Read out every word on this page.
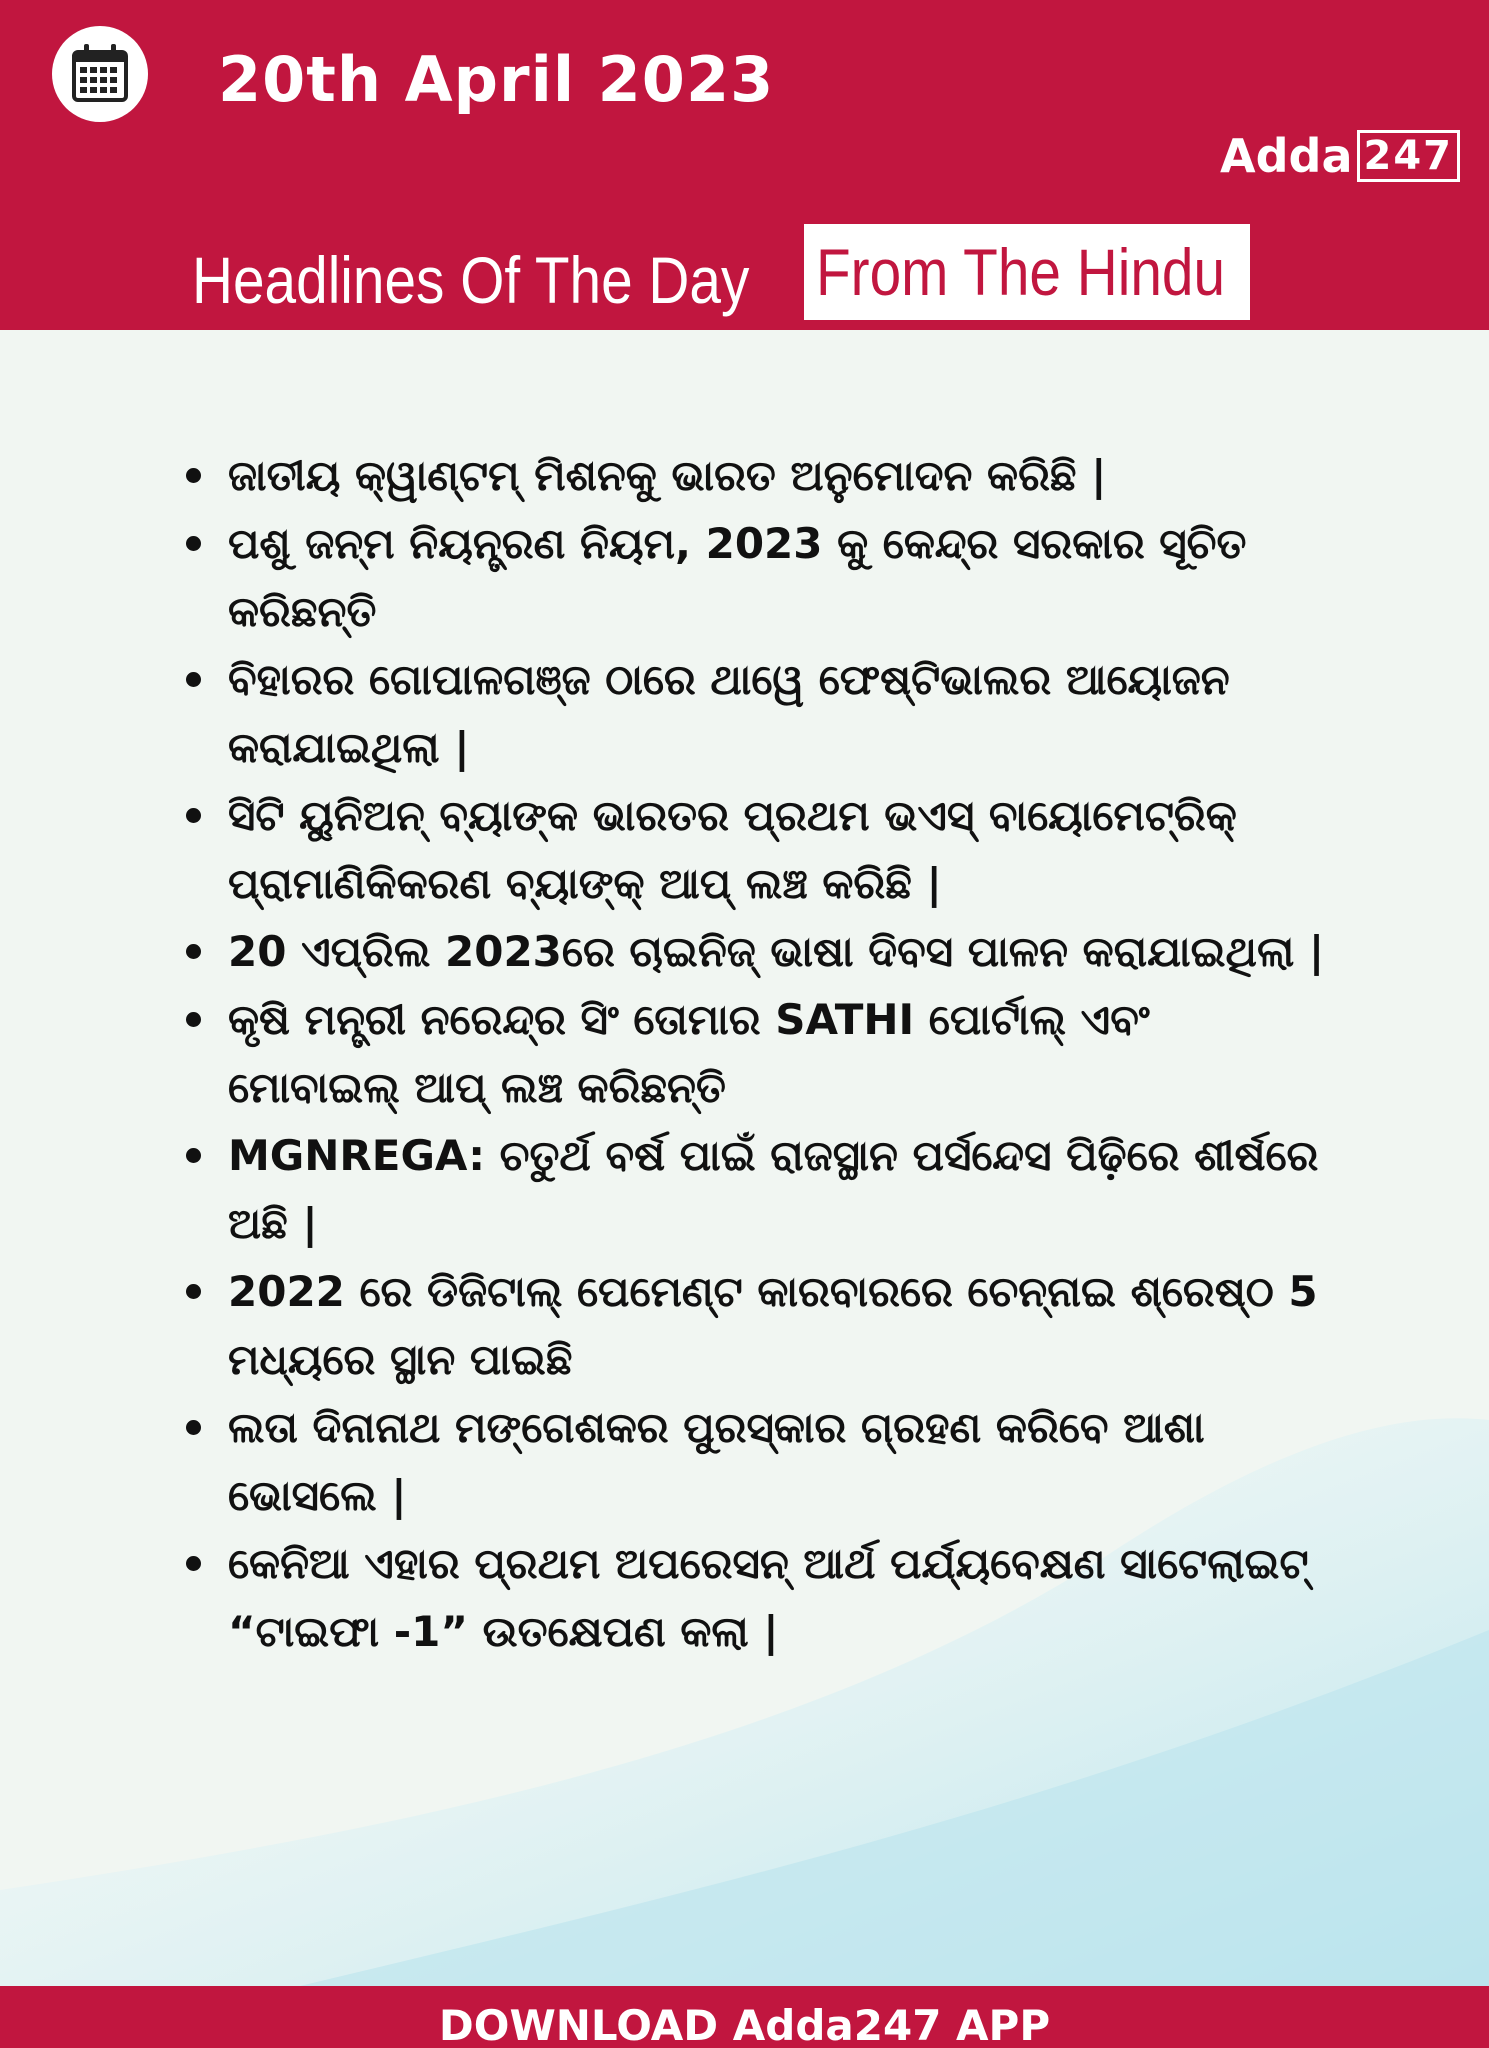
20th April 2023
Adda 247
Headlines Of The Day From The Hindu
ଜାତୀୟ କ୍ୱାଣ୍ଟମ୍ ମିଶନକୁ ଭାରତ ଅନୁମୋଦନ କରିଛି |
ପଶୁ ଜନ୍ମ ନିୟନ୍ତ୍ରଣ ନିୟମ, 2023 କୁ କେନ୍ଦ୍ର ସରକାର ସୂଚିତ କରିଛନ୍ତି
ବିହାରର ଗୋପାଳଗଞ୍ଜ ଠାରେ ଥାୱେ ଫେଷ୍ଟିଭାଲର ଆୟୋଜନ କରାଯାଇଥିଲା |
ସିଟି ୟୁନିଅନ୍ ବ୍ୟାଙ୍କ ଭାରତର ପ୍ରଥମ ଭଏସ୍ ବାୟୋମେଟ୍ରିକ୍ ପ୍ରାମାଣିକିକରଣ ବ୍ୟାଙ୍କ୍ ଆପ୍ ଲଞ୍ଚ କରିଛି |
20 ଏପ୍ରିଲ 2023ରେ ଚାଇନିଜ୍ ଭାଷା ଦିବସ ପାଳନ କରାଯାଇଥିଲା |
କୃଷି ମନ୍ତ୍ରୀ ନରେନ୍ଦ୍ର ସିଂ ତୋମାର SATHI ପୋର୍ଟାଲ୍ ଏବଂ ମୋବାଇଲ୍ ଆପ୍ ଲଞ୍ଚ କରିଛନ୍ତି
MGNREGA: ଚତୁର୍ଥ ବର୍ଷ ପାଇଁ ରାଜସ୍ଥାନ ପର୍ସନ୍ଦେସ ପିଢ଼ିରେ ଶୀର୍ଷରେ ଅଛି |
2022 ରେ ଡିଜିଟାଲ୍ ପେମେଣ୍ଟ କାରବାରରେ ଚେନ୍ନାଇ ଶ୍ରେଷ୍ଠ 5 ମଧ୍ୟରେ ସ୍ଥାନ ପାଇଛି
ଲତା ଦିନାନାଥ ମଙ୍ଗେଶକର ପୁରସ୍କାର ଗ୍ରହଣ କରିବେ ଆଶା ଭୋସଲେ |
କେନିଆ ଏହାର ପ୍ରଥମ ଅପରେସନ୍ ଆର୍ଥ ପର୍ଯ୍ୟବେକ୍ଷଣ ସାଟେଲାଇଟ୍ “ଟାଇଫା -1” ଉତକ୍ଷେପଣ କଲା |
DOWNLOAD Adda247 APP
